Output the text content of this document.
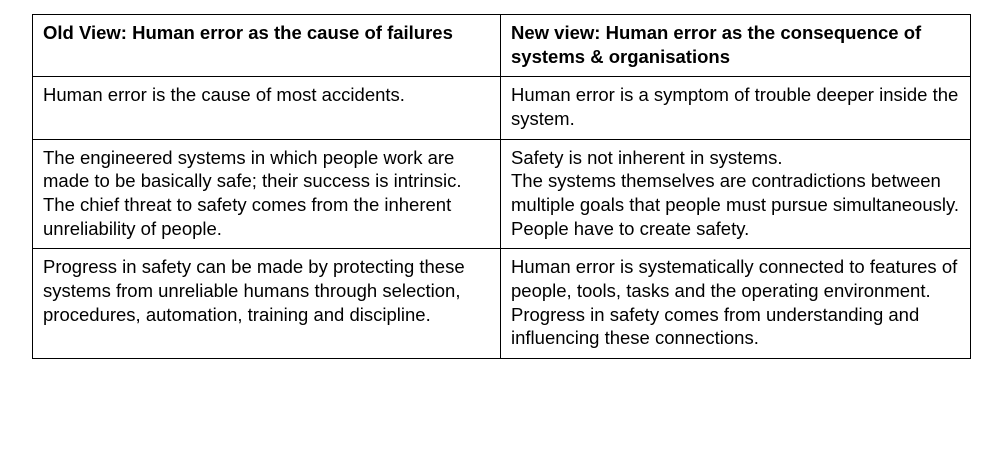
Old View: Human error as the cause of failures	New view: Human error as the consequence of systems & organisations

Human error is the cause of most accidents.	Human error is a symptom of trouble deeper inside the system.

The engineered systems in which people work are made to be basically safe; their success is intrinsic. The chief threat to safety comes from the inherent unreliability of people.	Safety is not inherent in systems.
The systems themselves are contradictions between multiple goals that people must pursue simultaneously.
People have to create safety.

Progress in safety can be made by protecting these systems from unreliable humans through selection, procedures, automation, training and discipline.	Human error is systematically connected to features of people, tools, tasks and the operating environment.
Progress in safety comes from understanding and influencing these connections.
